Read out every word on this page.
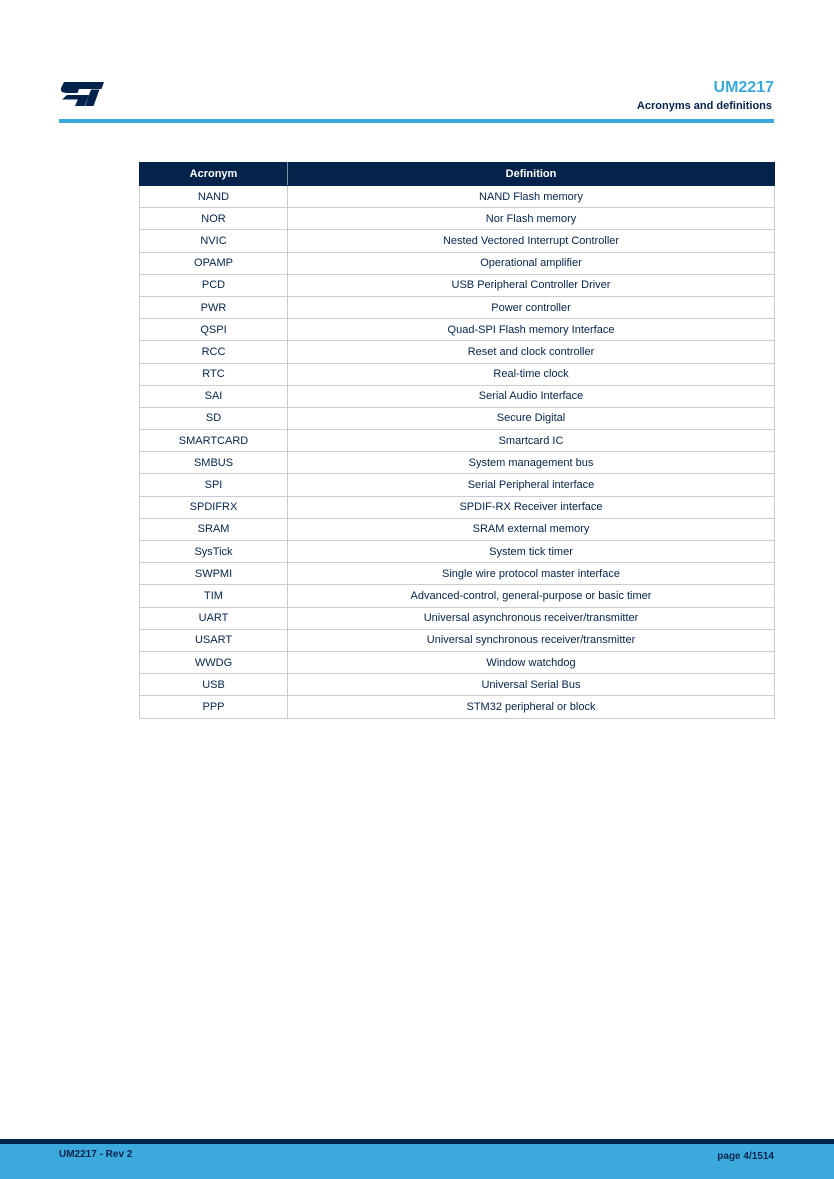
UM2217
Acronyms and definitions
Acronym	Definition
NAND	NAND Flash memory
NOR	Nor Flash memory
NVIC	Nested Vectored Interrupt Controller
OPAMP	Operational amplifier
PCD	USB Peripheral Controller Driver
PWR	Power controller
QSPI	Quad-SPI Flash memory Interface
RCC	Reset and clock controller
RTC	Real-time clock
SAI	Serial Audio Interface
SD	Secure Digital
SMARTCARD	Smartcard IC
SMBUS	System management bus
SPI	Serial Peripheral interface
SPDIFRX	SPDIF-RX Receiver interface
SRAM	SRAM external memory
SysTick	System tick timer
SWPMI	Single wire protocol master interface
TIM	Advanced-control, general-purpose or basic timer
UART	Universal asynchronous receiver/transmitter
USART	Universal synchronous receiver/transmitter
WWDG	Window watchdog
USB	Universal Serial Bus
PPP	STM32 peripheral or block
UM2217 - Rev 2	page 4/1514
